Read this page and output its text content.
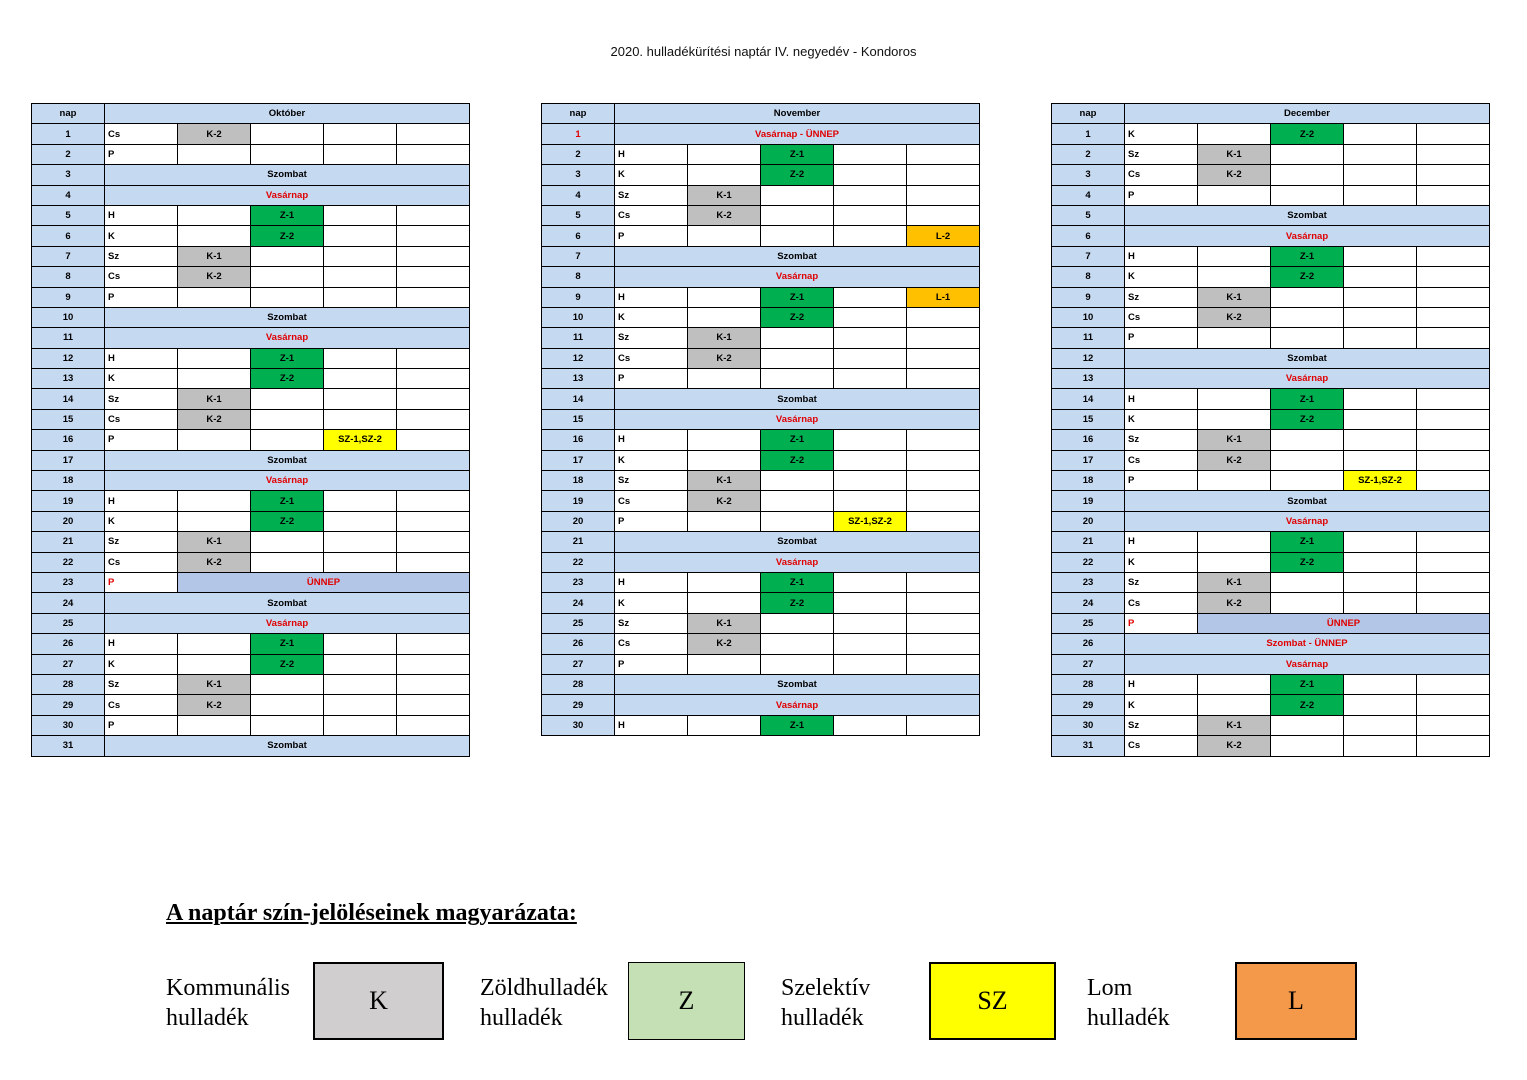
2020. hulladékürítési naptár IV. negyedév - Kondoros
nap	Október				
1	Cs	K-2			
2	P				
3	Szombat				
4	Vasárnap				
5	H		Z-1		
6	K		Z-2		
7	Sz	K-1			
8	Cs	K-2			
9	P				
10	Szombat				
11	Vasárnap				
12	H		Z-1		
13	K		Z-2		
14	Sz	K-1			
15	Cs	K-2			
16	P			SZ-1,SZ-2	
17	Szombat				
18	Vasárnap				
19	H		Z-1		
20	K		Z-2		
21	Sz	K-1			
22	Cs	K-2			
23	P	ÜNNEP			
24	Szombat				
25	Vasárnap				
26	H		Z-1		
27	K		Z-2		
28	Sz	K-1			
29	Cs	K-2			
30	P				
31	Szombat				
nap	November				
1	Vasárnap - ÜNNEP				
2	H		Z-1		
3	K		Z-2		
4	Sz	K-1			
5	Cs	K-2			
6	P				L-2
7	Szombat				
8	Vasárnap				
9	H		Z-1		L-1
10	K		Z-2		
11	Sz	K-1			
12	Cs	K-2			
13	P				
14	Szombat				
15	Vasárnap				
16	H		Z-1		
17	K		Z-2		
18	Sz	K-1			
19	Cs	K-2			
20	P			SZ-1,SZ-2	
21	Szombat				
22	Vasárnap				
23	H		Z-1		
24	K		Z-2		
25	Sz	K-1			
26	Cs	K-2			
27	P				
28	Szombat				
29	Vasárnap				
30	H		Z-1		
nap	December				
1	K		Z-2		
2	Sz	K-1			
3	Cs	K-2			
4	P				
5	Szombat				
6	Vasárnap				
7	H		Z-1		
8	K		Z-2		
9	Sz	K-1			
10	Cs	K-2			
11	P				
12	Szombat				
13	Vasárnap				
14	H		Z-1		
15	K		Z-2		
16	Sz	K-1			
17	Cs	K-2			
18	P			SZ-1,SZ-2	
19	Szombat				
20	Vasárnap				
21	H		Z-1		
22	K		Z-2		
23	Sz	K-1			
24	Cs	K-2			
25	P	ÜNNEP			
26	Szombat - ÜNNEP				
27	Vasárnap				
28	H		Z-1		
29	K		Z-2		
30	Sz	K-1			
31	Cs	K-2			
A naptár szín-jelöléseinek magyarázata:
Kommunális
hulladék
K	Zöldhulladék
hulladék
Z	Szelektív
hulladék
SZ	Lom
hulladék
L
